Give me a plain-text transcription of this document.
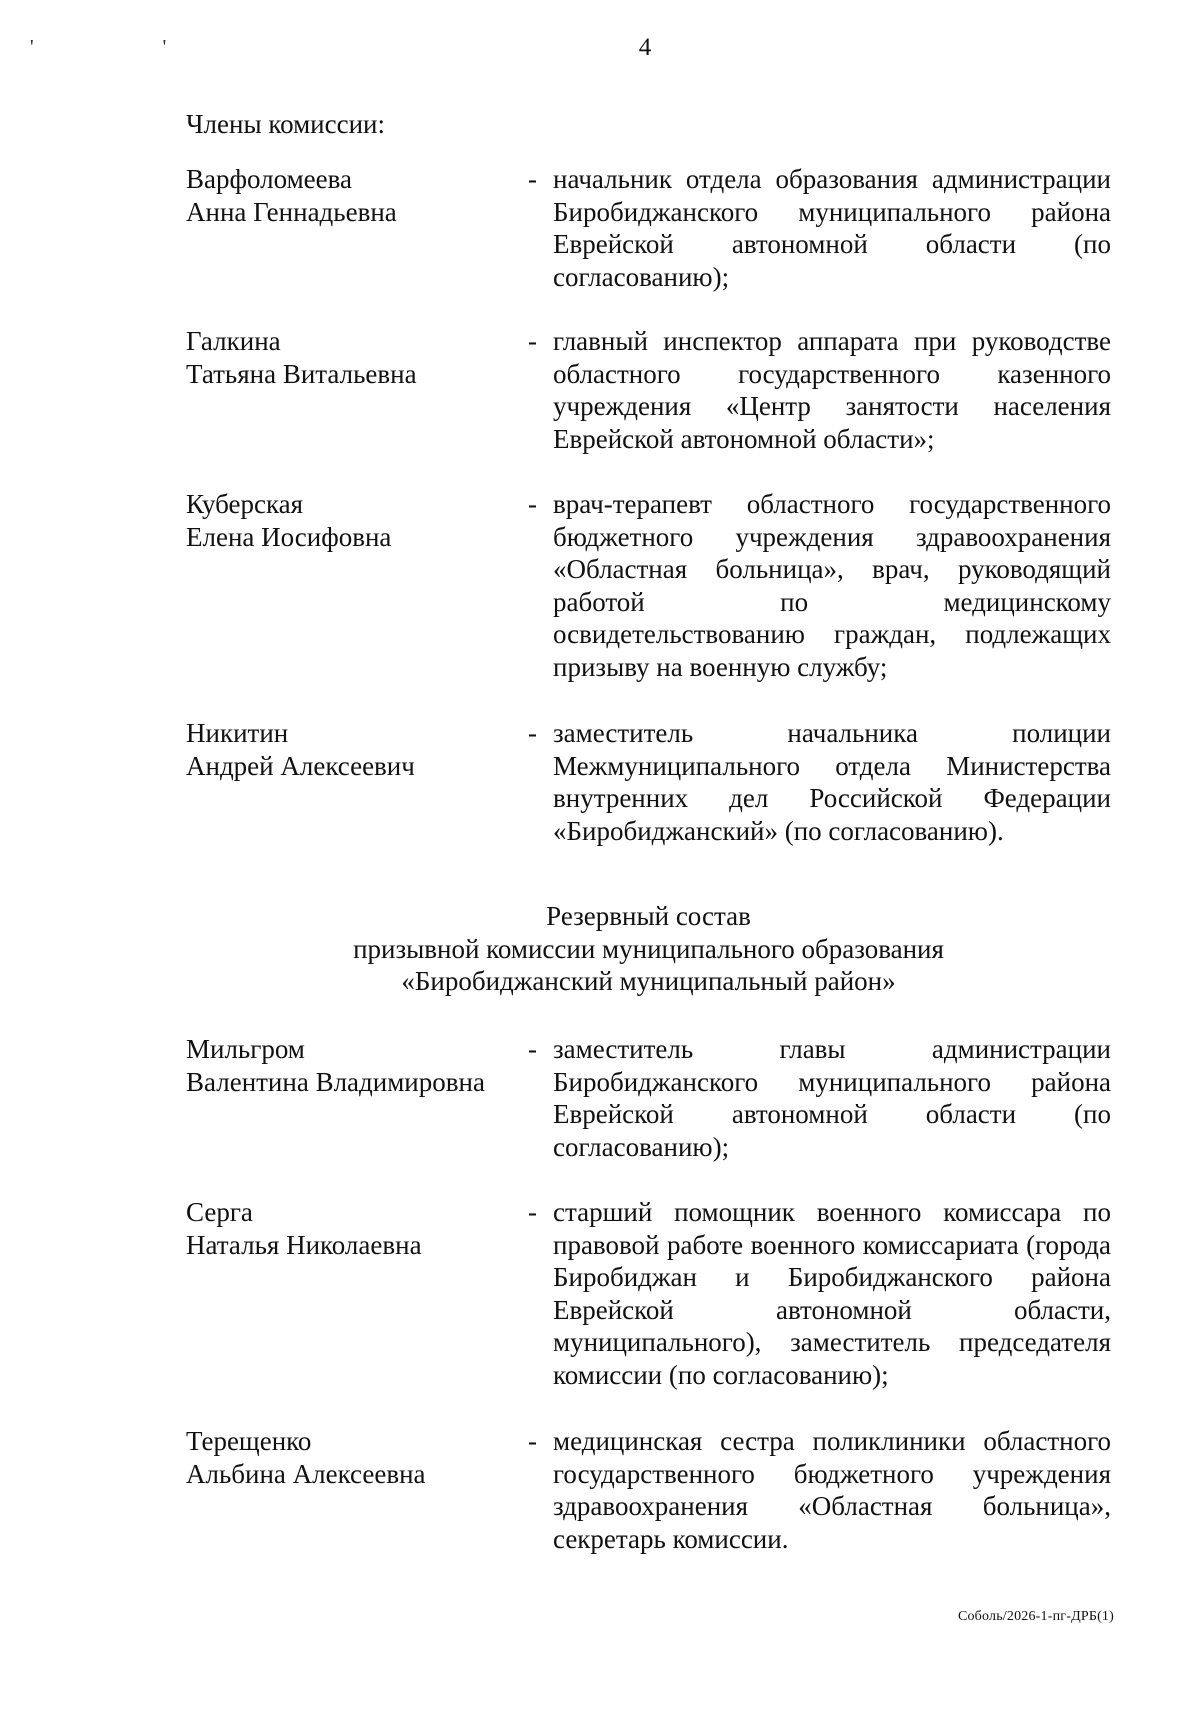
' '	4
Члены комиссии:
Варфоломеева
Анна Геннадьевна
- начальник отдела образования администрации Биробиджанского муниципального района Еврейской автономной области (по согласованию);
Галкина
Татьяна Витальевна
- главный инспектор аппарата при руководстве областного государственного казенного учреждения «Центр занятости населения Еврейской автономной области»;
Куберская
Елена Иосифовна
- врач-терапевт областного государственного бюджетного учреждения здравоохранения «Областная больница», врач, руководящий работой по медицинскому освидетельствованию граждан, подлежащих призыву на военную службу;
Никитин
Андрей Алексеевич
- заместитель начальника полиции Межмуниципального отдела Министерства внутренних дел Российской Федерации «Биробиджанский» (по согласованию).
Резервный состав
призывной комиссии муниципального образования
«Биробиджанский муниципальный район»
Мильгром
Валентина Владимировна
- заместитель главы администрации Биробиджанского муниципального района Еврейской автономной области (по согласованию);
Серга
Наталья Николаевна
- старший помощник военного комиссара по правовой работе военного комиссариата (города Биробиджан и Биробиджанского района Еврейской автономной области, муниципального), заместитель председателя комиссии (по согласованию);
Терещенко
Альбина Алексеевна
- медицинская сестра поликлиники областного государственного бюджетного учреждения здравоохранения «Областная больница», секретарь комиссии.
Соболь/2026-1-пг-ДРБ(1)
